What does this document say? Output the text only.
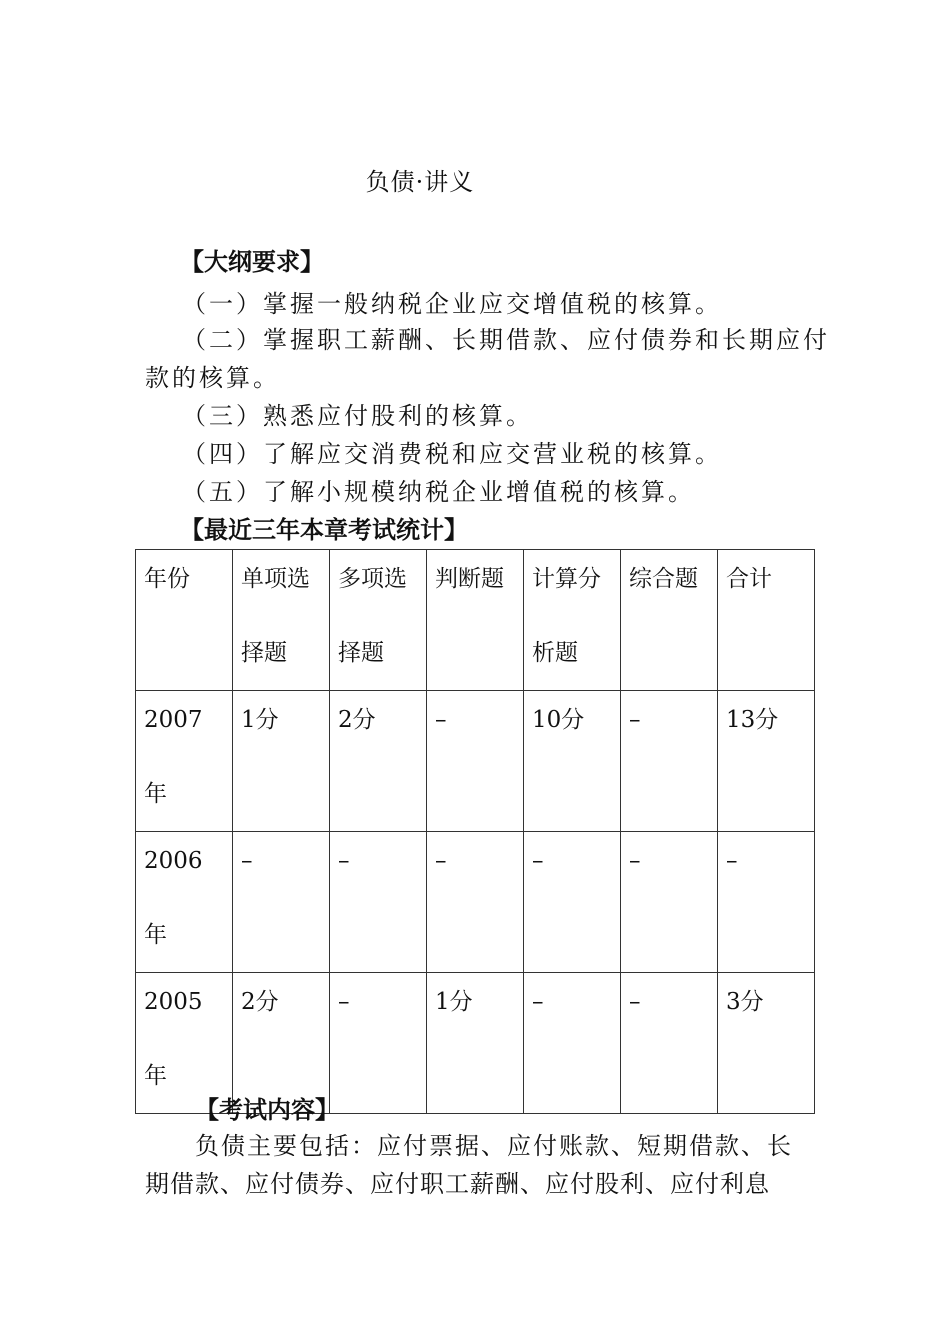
负债·讲义
【大纲要求】
（一）掌握一般纳税企业应交增值税的核算。
（二）掌握职工薪酬、长期借款、应付债券和长期应付
款的核算。
（三）熟悉应付股利的核算。
（四）了解应交消费税和应交营业税的核算。
（五）了解小规模纳税企业增值税的核算。
【最近三年本章考试统计】
年份	单项选择题	多项选择题	判断题	计算分析题	综合题	合计

2007年	1分	2分	–	10分	–	13分

2006年	–	–	–	–	–	–

2005年	2分	–	1分	–	–	3分
【考试内容】
负债主要包括：应付票据、应付账款、短期借款、长
期借款、应付债券、应付职工薪酬、应付股利、应付利息
